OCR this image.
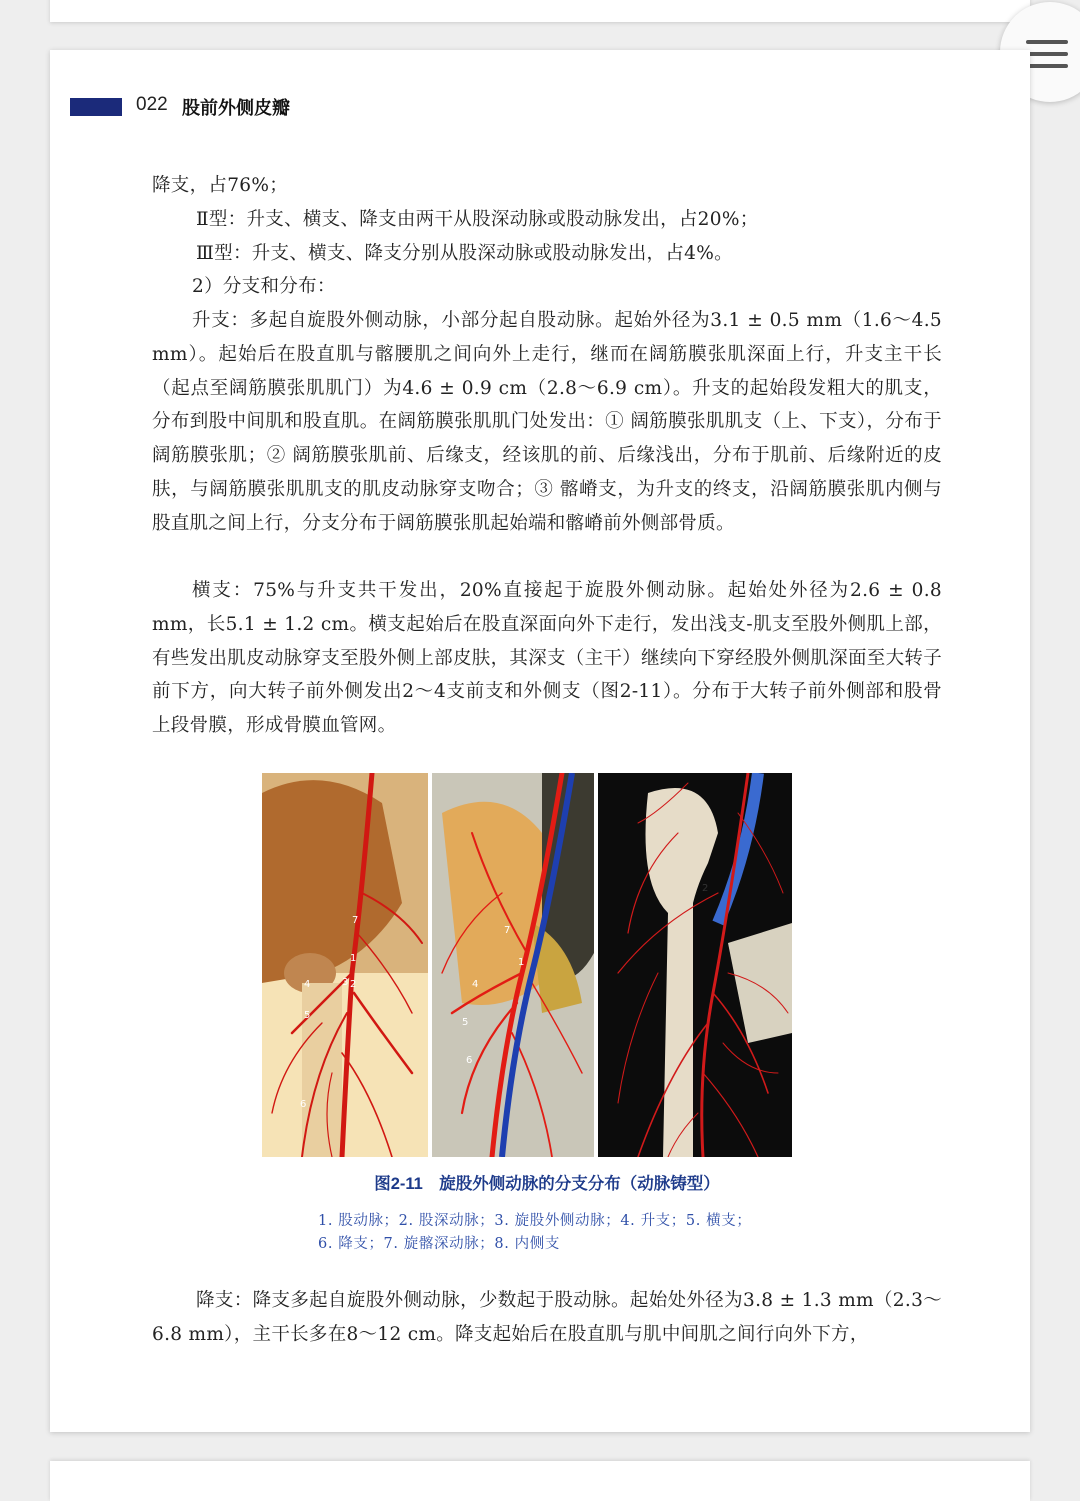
022 股前外侧皮瓣

降支，占76%；

Ⅱ型：升支、横支、降支由两干从股深动脉或股动脉发出，占20%；

Ⅲ型：升支、横支、降支分别从股深动脉或股动脉发出，占4%。

2）分支和分布：

升支：多起自旋股外侧动脉，小部分起自股动脉。起始外径为3.1 ± 0.5 mm（1.6～4.5 mm）。起始后在股直肌与髂腰肌之间向外上走行，继而在阔筋膜张肌深面上行，升支主干长（起点至阔筋膜张肌肌门）为4.6 ± 0.9 cm（2.8～6.9 cm）。升支的起始段发粗大的肌支，分布到股中间肌和股直肌。在阔筋膜张肌肌门处发出：① 阔筋膜张肌肌支（上、下支），分布于阔筋膜张肌；② 阔筋膜张肌前、后缘支，经该肌的前、后缘浅出，分布于肌前、后缘附近的皮肤，与阔筋膜张肌肌支的肌皮动脉穿支吻合；③ 髂嵴支，为升支的终支，沿阔筋膜张肌内侧与股直肌之间上行，分支分布于阔筋膜张肌起始端和髂嵴前外侧部骨质。

横支：75%与升支共干发出，20%直接起于旋股外侧动脉。起始处外径为2.6 ± 0.8 mm，长5.1 ± 1.2 cm。横支起始后在股直深面向外下走行，发出浅支-肌支至股外侧肌上部，有些发出肌皮动脉穿支至股外侧上部皮肤，其深支（主干）继续向下穿经股外侧肌深面至大转子前下方，向大转子前外侧发出2～4支前支和外侧支（图2-11）。分布于大转子前外侧部和股骨上段骨膜，形成骨膜血管网。

7
1
3 2
4
5
6
7
1
4
5
6
2
图2-11　旋股外侧动脉的分支分布（动脉铸型）
1. 股动脉；2. 股深动脉；3. 旋股外侧动脉；4. 升支；5. 横支；
6. 降支；7. 旋髂深动脉；8. 内侧支

降支：降支多起自旋股外侧动脉，少数起于股动脉。起始处外径为3.8 ± 1.3 mm（2.3～6.8 mm），主干长多在8～12 cm。降支起始后在股直肌与肌中间肌之间行向外下方，
